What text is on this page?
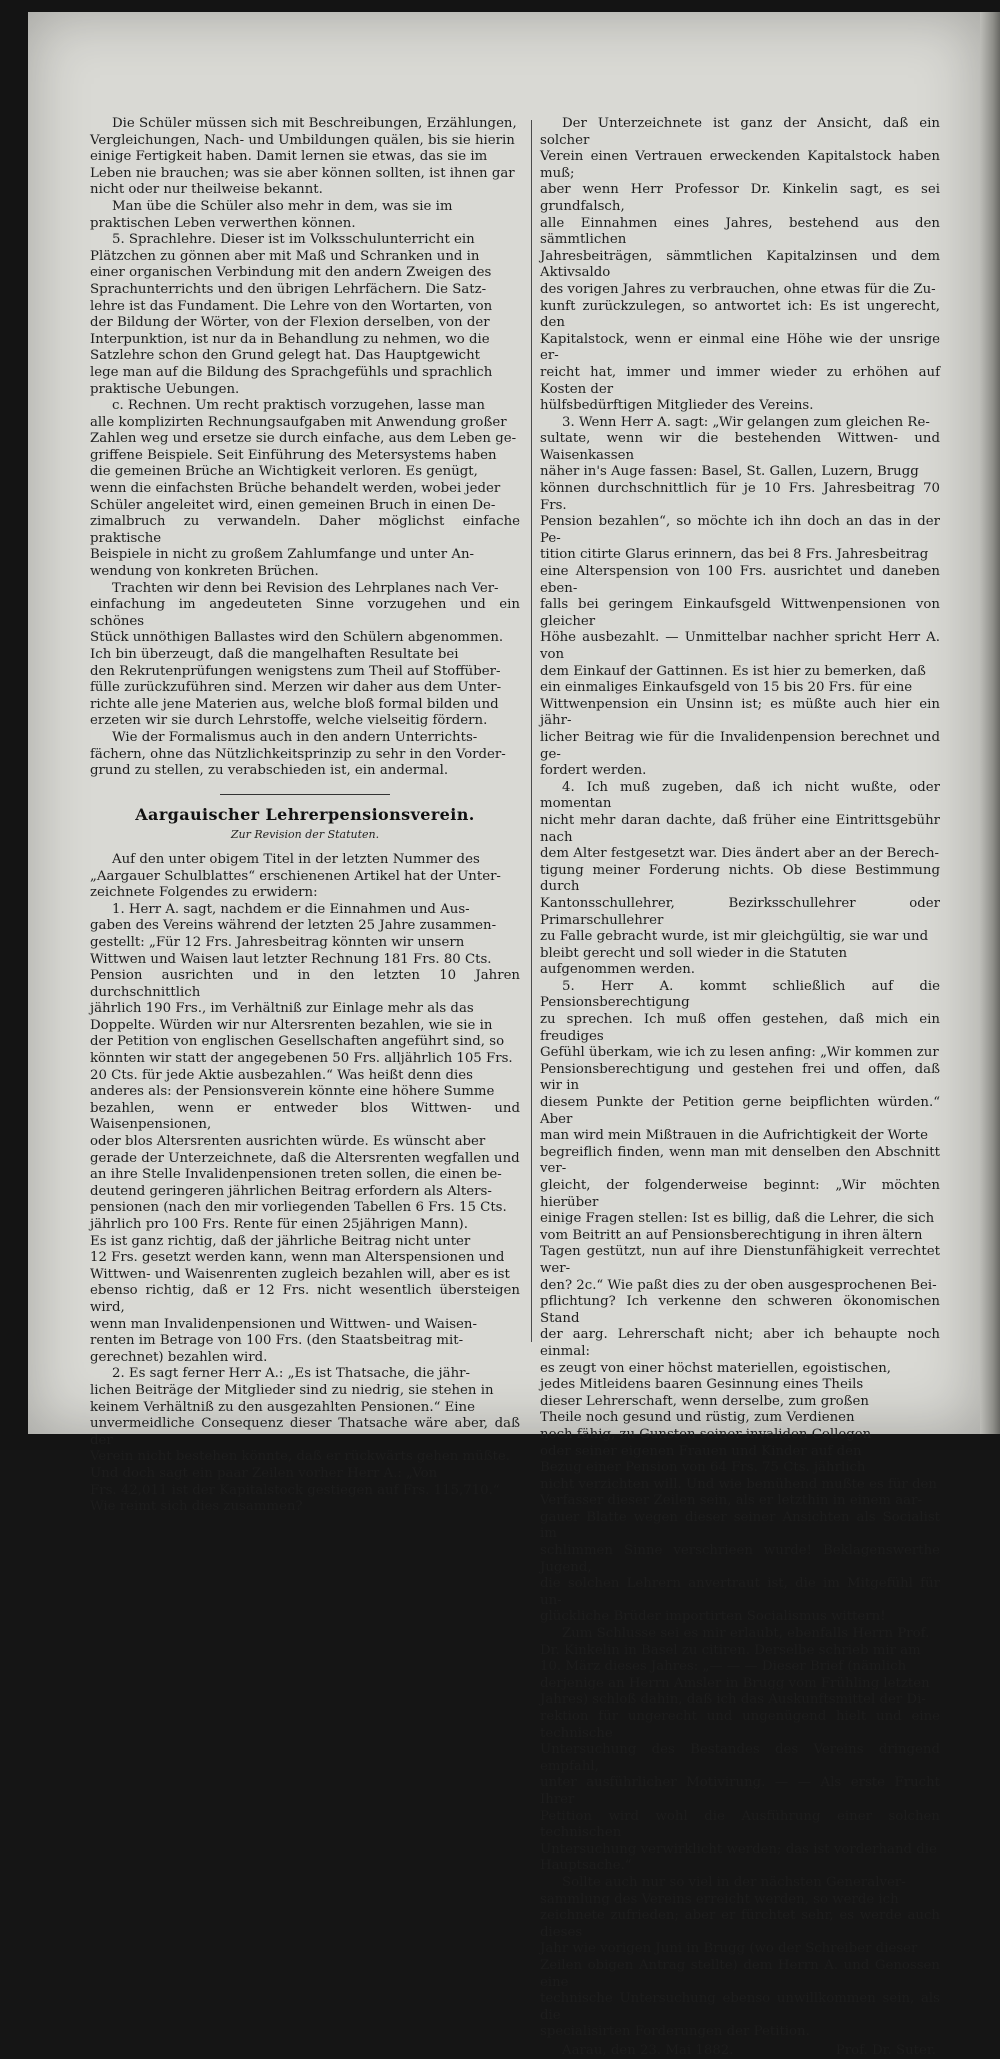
Die Schüler müssen sich mit Beschreibungen, Erzählungen,
Vergleichungen, Nach- und Umbildungen quälen, bis sie hierin
einige Fertigkeit haben. Damit lernen sie etwas, das sie im
Leben nie brauchen; was sie aber können sollten, ist ihnen gar
nicht oder nur theilweise bekannt.

Man übe die Schüler also mehr in dem, was sie im
praktischen Leben verwerthen können.

5. Sprachlehre. Dieser ist im Volksschulunterricht ein
Plätzchen zu gönnen aber mit Maß und Schranken und in
einer organischen Verbindung mit den andern Zweigen des
Sprachunterrichts und den übrigen Lehrfächern. Die Satz-
lehre ist das Fundament. Die Lehre von den Wortarten, von
der Bildung der Wörter, von der Flexion derselben, von der
Interpunktion, ist nur da in Behandlung zu nehmen, wo die
Satzlehre schon den Grund gelegt hat. Das Hauptgewicht
lege man auf die Bildung des Sprachgefühls und sprachlich
praktische Uebungen.

c. Rechnen. Um recht praktisch vorzugehen, lasse man
alle komplizirten Rechnungsaufgaben mit Anwendung großer
Zahlen weg und ersetze sie durch einfache, aus dem Leben ge-
griffene Beispiele. Seit Einführung des Metersystems haben
die gemeinen Brüche an Wichtigkeit verloren. Es genügt,
wenn die einfachsten Brüche behandelt werden, wobei jeder
Schüler angeleitet wird, einen gemeinen Bruch in einen De-
zimalbruch zu verwandeln. Daher möglichst einfache praktische
Beispiele in nicht zu großem Zahlumfange und unter An-
wendung von konkreten Brüchen.

Trachten wir denn bei Revision des Lehrplanes nach Ver-
einfachung im angedeuteten Sinne vorzugehen und ein schönes
Stück unnöthigen Ballastes wird den Schülern abgenommen.
Ich bin überzeugt, daß die mangelhaften Resultate bei
den Rekrutenprüfungen wenigstens zum Theil auf Stoffüber-
fülle zurückzuführen sind. Merzen wir daher aus dem Unter-
richte alle jene Materien aus, welche bloß formal bilden und
erzeten wir sie durch Lehrstoffe, welche vielseitig fördern.

Wie der Formalismus auch in den andern Unterrichts-
fächern, ohne das Nützlichkeitsprinzip zu sehr in den Vorder-
grund zu stellen, zu verabschieden ist, ein andermal.

Aargauischer Lehrerpensionsverein.
Zur Revision der Statuten.

Auf den unter obigem Titel in der letzten Nummer des
„Aargauer Schulblattes“ erschienenen Artikel hat der Unter-
zeichnete Folgendes zu erwidern:

1. Herr A. sagt, nachdem er die Einnahmen und Aus-
gaben des Vereins während der letzten 25 Jahre zusammen-
gestellt: „Für 12 Frs. Jahresbeitrag könnten wir unsern
Wittwen und Waisen laut letzter Rechnung 181 Frs. 80 Cts.
Pension ausrichten und in den letzten 10 Jahren durchschnittlich
jährlich 190 Frs., im Verhältniß zur Einlage mehr als das
Doppelte. Würden wir nur Altersrenten bezahlen, wie sie in
der Petition von englischen Gesellschaften angeführt sind, so
könnten wir statt der angegebenen 50 Frs. alljährlich 105 Frs.
20 Cts. für jede Aktie ausbezahlen.“ Was heißt denn dies
anderes als: der Pensionsverein könnte eine höhere Summe
bezahlen, wenn er entweder blos Wittwen- und Waisenpensionen,
oder blos Altersrenten ausrichten würde. Es wünscht aber
gerade der Unterzeichnete, daß die Altersrenten wegfallen und
an ihre Stelle Invalidenpensionen treten sollen, die einen be-
deutend geringeren jährlichen Beitrag erfordern als Alters-
pensionen (nach den mir vorliegenden Tabellen 6 Frs. 15 Cts.
jährlich pro 100 Frs. Rente für einen 25jährigen Mann).
Es ist ganz richtig, daß der jährliche Beitrag nicht unter
12 Frs. gesetzt werden kann, wenn man Alterspensionen und
Wittwen- und Waisenrenten zugleich bezahlen will, aber es ist
ebenso richtig, daß er 12 Frs. nicht wesentlich übersteigen wird,
wenn man Invalidenpensionen und Wittwen- und Waisen-
renten im Betrage von 100 Frs. (den Staatsbeitrag mit-
gerechnet) bezahlen wird.

2. Es sagt ferner Herr A.: „Es ist Thatsache, die jähr-
lichen Beiträge der Mitglieder sind zu niedrig, sie stehen in
keinem Verhältniß zu den ausgezahlten Pensionen.“ Eine
unvermeidliche Consequenz dieser Thatsache wäre aber, daß der
Verein nicht bestehen könnte, daß er rückwärts gehen müßte.
Und doch sagt ein paar Zeilen vorher Herr A.: „Von
Frs. 42,011 ist der Kapitalstock gestiegen auf Frs. 115,710.“
Wie reimt sich dies zusammen?

Der Unterzeichnete ist ganz der Ansicht, daß ein solcher
Verein einen Vertrauen erweckenden Kapitalstock haben muß;
aber wenn Herr Professor Dr. Kinkelin sagt, es sei grundfalsch,
alle Einnahmen eines Jahres, bestehend aus den sämmtlichen
Jahresbeiträgen, sämmtlichen Kapitalzinsen und dem Aktivsaldo
des vorigen Jahres zu verbrauchen, ohne etwas für die Zu-
kunft zurückzulegen, so antwortet ich: Es ist ungerecht, den
Kapitalstock, wenn er einmal eine Höhe wie der unsrige er-
reicht hat, immer und immer wieder zu erhöhen auf Kosten der
hülfsbedürftigen Mitglieder des Vereins.

3. Wenn Herr A. sagt: „Wir gelangen zum gleichen Re-
sultate, wenn wir die bestehenden Wittwen- und Waisenkassen
näher in's Auge fassen: Basel, St. Gallen, Luzern, Brugg
können durchschnittlich für je 10 Frs. Jahresbeitrag 70 Frs.
Pension bezahlen“, so möchte ich ihn doch an das in der Pe-
tition citirte Glarus erinnern, das bei 8 Frs. Jahresbeitrag
eine Alterspension von 100 Frs. ausrichtet und daneben eben-
falls bei geringem Einkaufsgeld Wittwenpensionen von gleicher
Höhe ausbezahlt. — Unmittelbar nachher spricht Herr A. von
dem Einkauf der Gattinnen. Es ist hier zu bemerken, daß
ein einmaliges Einkaufsgeld von 15 bis 20 Frs. für eine
Wittwenpension ein Unsinn ist; es müßte auch hier ein jähr-
licher Beitrag wie für die Invalidenpension berechnet und ge-
fordert werden.

4. Ich muß zugeben, daß ich nicht wußte, oder momentan
nicht mehr daran dachte, daß früher eine Eintrittsgebühr nach
dem Alter festgesetzt war. Dies ändert aber an der Berech-
tigung meiner Forderung nichts. Ob diese Bestimmung durch
Kantonsschullehrer, Bezirksschullehrer oder Primarschullehrer
zu Falle gebracht wurde, ist mir gleichgültig, sie war und
bleibt gerecht und soll wieder in die Statuten
aufgenommen werden.

5. Herr A. kommt schließlich auf die Pensionsberechtigung
zu sprechen. Ich muß offen gestehen, daß mich ein freudiges
Gefühl überkam, wie ich zu lesen anfing: „Wir kommen zur
Pensionsberechtigung und gestehen frei und offen, daß wir in
diesem Punkte der Petition gerne beipflichten würden.“ Aber
man wird mein Mißtrauen in die Aufrichtigkeit der Worte
begreiflich finden, wenn man mit denselben den Abschnitt ver-
gleicht, der folgenderweise beginnt: „Wir möchten hierüber
einige Fragen stellen: Ist es billig, daß die Lehrer, die sich
vom Beitritt an auf Pensionsberechtigung in ihren ältern
Tagen gestützt, nun auf ihre Dienstunfähigkeit verrechtet wer-
den? 2c.“ Wie paßt dies zu der oben ausgesprochenen Bei-
pflichtung? Ich verkenne den schweren ökonomischen Stand
der aarg. Lehrerschaft nicht; aber ich behaupte noch einmal:
es zeugt von einer höchst materiellen, egoistischen,
jedes Mitleidens baaren Gesinnung eines Theils
dieser Lehrerschaft, wenn derselbe, zum großen
Theile noch gesund und rüstig, zum Verdienen
noch fähig, zu Gunsten seiner invaliden Collegen
oder seiner eigenen Frauen und Kinder auf den
Bezug einer Pension von 64 Frs. 75 Cts. jährlich
nicht verzichten will. Und wie bemühend mußte es für den
Verfasser dieser Zeilen sein, als er letzthin in einem aar-
gauer Blatte wegen dieser seiner Ansichten als Socialist im
schlimmen Sinne verschrieen wurde! Beklagenswerthe Jugend,
die solchen Lehrern anvertraut ist, die im Mitgefühl für un-
glückliche Brüder importirten Socialismus wittern!

Zum Schlusse sei es mir erlaubt, ebenfalls Herrn Prof.
Dr. Kinkelin in Basel zu citiren. Derselbe schrieb mir am
10. März dieses Jahres: „— — — Dieser Brief (nämlich
derjenige an Herrn Amsler in Brugg vom Frühling letzten
Jahres) schloß dahin, daß ich das Auskunftsmittel der Di-
rektion für ungerecht und ungenügend hielt und eine technische
Untersuchung des Bestandes des Vereins dringend empfahl,
unter ausführlicher Motivirung. — — Als erste Frucht Ihrer
Petition wird wohl die Ausführung einer solchen technischen
Untersuchung verwirklicht werden; das ist vorderhand die
Hauptsache.“

Sollte auch nur so viel in der nächsten Generalver-
sammlung des Vereins erreicht werden, so werde ich
zeichnete zufrieden; aber er fürchtet sehr, es werde auch dieses
Jahr wie vorigen Juni in Brugg (wo der Schreiber dieser
Zeilen obigen Antrag stellte) dem Herrn A. und Genossen eine
technische Untersuchung ebenso unwillkommen sein, als die
specialisirten Forderungen der Petition.

Aarau, den 23. Mai 1882.	Prof. Dr. Suter.
